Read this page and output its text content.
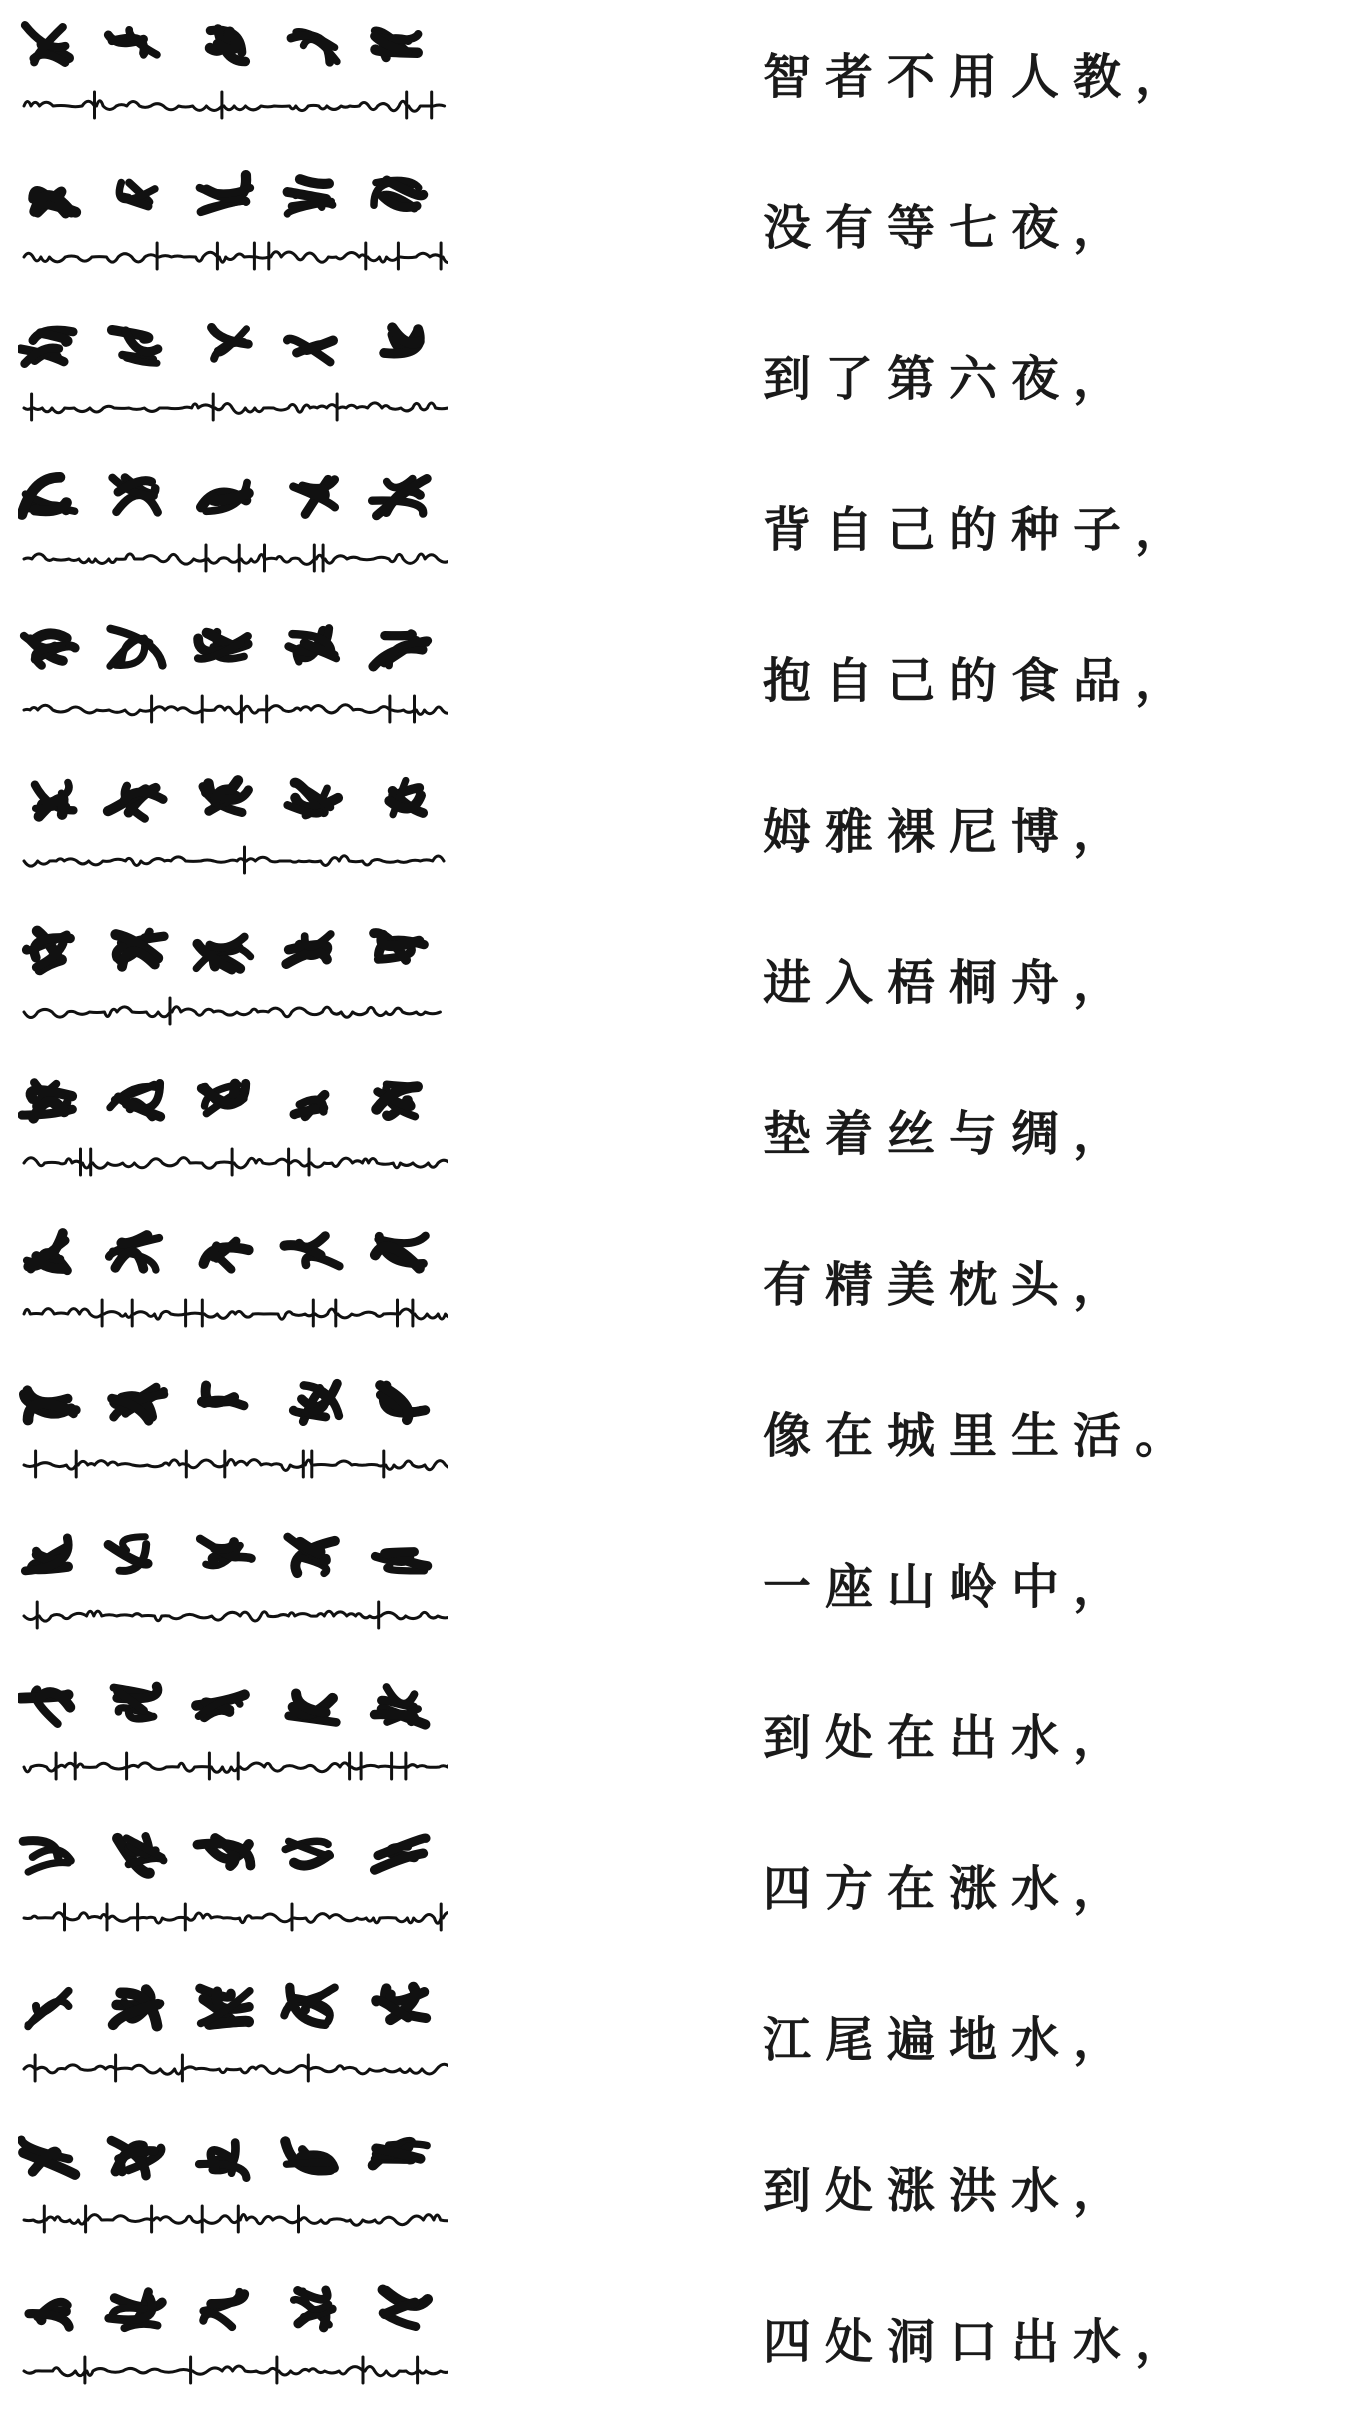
智者不用人教，
没有等七夜，
到了第六夜，
背自己的种子，
抱自己的食品，
姆雅裸尼博，
进入梧桐舟，
垫着丝与绸，
有精美枕头，
像在城里生活。
一座山岭中，
到处在出水，
四方在涨水，
江尾遍地水，
到处涨洪水，
四处洞口出水，
